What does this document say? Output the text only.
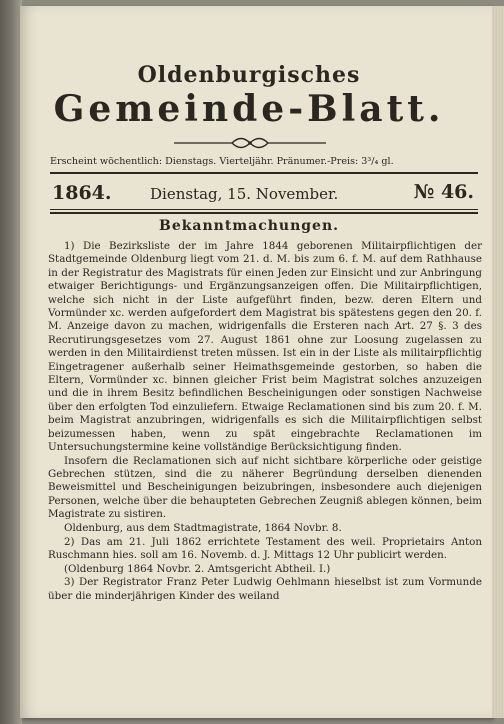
Oldenburgisches
Gemeinde-Blatt.
Erscheint wöchentlich: Dienstags. Vierteljähr. Pränumer.-Preis: 3³/₄ gl.
1864.	Dienstag, 15. November.	№ 46.
Bekanntmachungen.

1) Die Bezirksliste der im Jahre 1844 geborenen Militairpflichtigen der Stadtgemeinde Oldenburg liegt vom 21. d. M. bis zum 6. f. M. auf dem Rathhause in der Registratur des Magistrats für einen Jeden zur Einsicht und zur Anbringung etwaiger Berichtigungs- und Ergänzungsanzeigen offen. Die Militairpflichtigen, welche sich nicht in der Liste aufgeführt finden, bezw. deren Eltern und Vormünder xc. werden aufgefordert dem Magistrat bis spätestens gegen den 20. f. M. Anzeige davon zu machen, widrigenfalls die Ersteren nach Art. 27 §. 3 des Recrutirungsgesetzes vom 27. August 1861 ohne zur Loosung zugelassen zu werden in den Militairdienst treten müssen. Ist ein in der Liste als militairpflichtig Eingetragener außerhalb seiner Heimathsgemeinde gestorben, so haben die Eltern, Vormünder xc. binnen gleicher Frist beim Magistrat solches anzuzeigen und die in ihrem Besitz befindlichen Bescheinigungen oder sonstigen Nachweise über den erfolgten Tod einzuliefern. Etwaige Reclamationen sind bis zum 20. f. M. beim Magistrat anzubringen, widrigenfalls es sich die Militairpflichtigen selbst beizumessen haben, wenn zu spät eingebrachte Reclamationen im Untersuchungstermine keine vollständige Berücksichtigung finden.

Insofern die Reclamationen sich auf nicht sichtbare körperliche oder geistige Gebrechen stützen, sind die zu näherer Begründung derselben dienenden Beweismittel und Bescheinigungen beizubringen, insbesondere auch diejenigen Personen, welche über die behaupteten Gebrechen Zeugniß ablegen können, beim Magistrate zu sistiren.

Oldenburg, aus dem Stadtmagistrate, 1864 Novbr. 8.

2) Das am 21. Juli 1862 errichtete Testament des weil. Proprietairs Anton Ruschmann hies. soll am 16. Novemb. d. J. Mittags 12 Uhr publicirt werden.

(Oldenburg 1864 Novbr. 2. Amtsgericht Abtheil. I.)

3) Der Registrator Franz Peter Ludwig Oehlmann hieselbst ist zum Vormunde über die minderjährigen Kinder des weiland
